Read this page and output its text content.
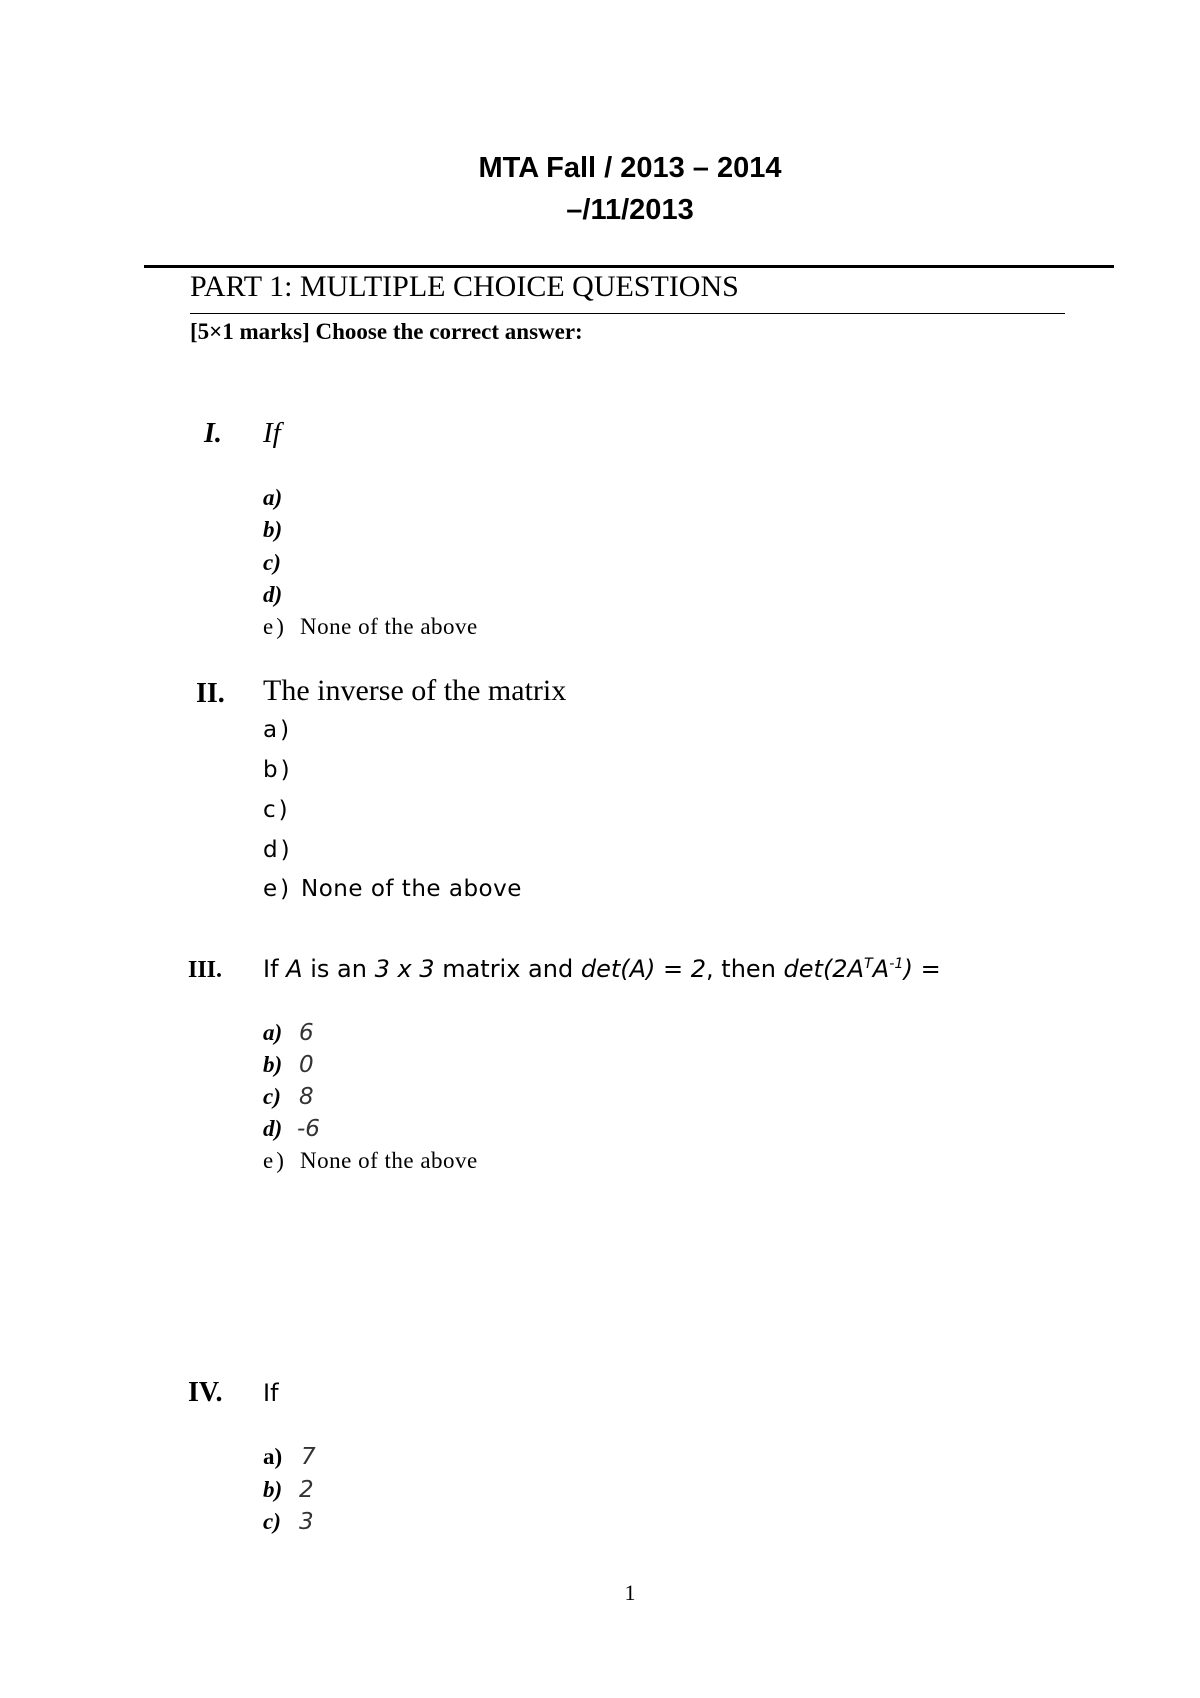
MTA Fall / 2013 – 2014
–/11/2013
PART 1: MULTIPLE CHOICE QUESTIONS
[5×1 marks] Choose the correct answer:
I. If
a)
b)
c)
d)
e) None of the above
II. The inverse of the matrix
a)
b)
c)
d)
e) None of the above
III. If A is an 3 x 3 matrix and det(A) = 2, then $\det(2A^TA^{-1})$ =
a) 6
b) 0
c) 8
d) -6
e) None of the above
IV. If
a) 7
b) 2
c) 3
1
